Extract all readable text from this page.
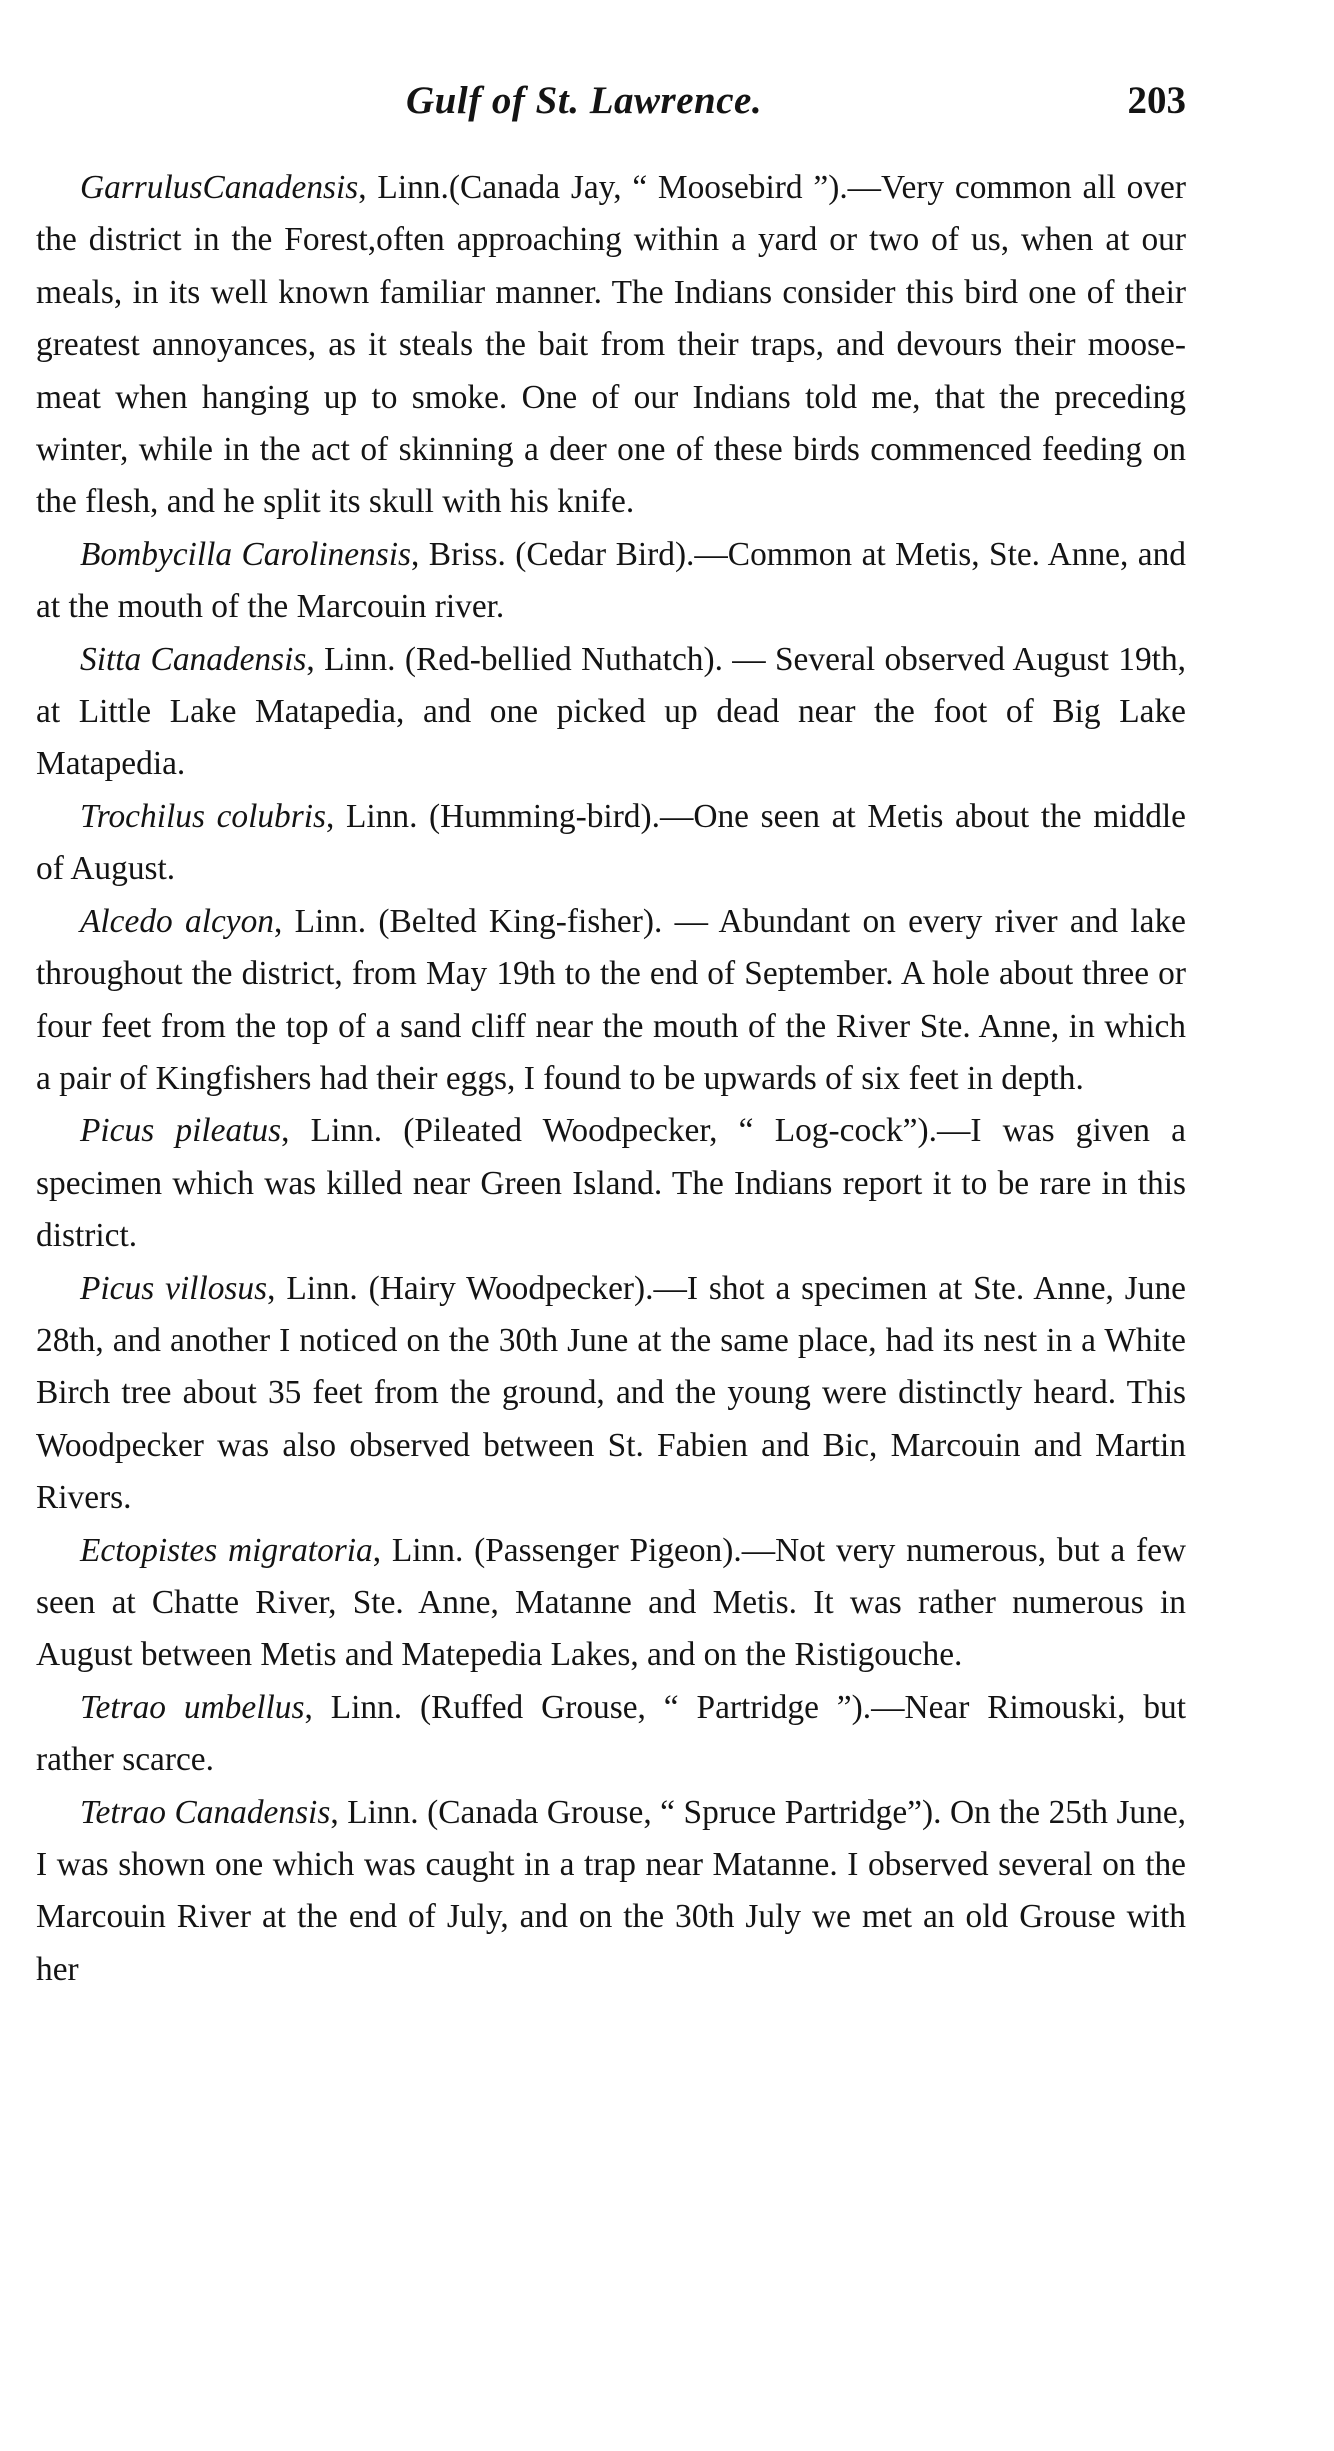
Gulf of St. Lawrence.	203

GarrulusCanadensis, Linn.(Canada Jay, “ Moosebird ”).—Very common all over the district in the Forest,often approaching within a yard or two of us, when at our meals, in its well known familiar manner. The Indians consider this bird one of their greatest annoyances, as it steals the bait from their traps, and devours their moose-meat when hanging up to smoke. One of our Indians told me, that the preceding winter, while in the act of skinning a deer one of these birds commenced feeding on the flesh, and he split its skull with his knife.

Bombycilla Carolinensis, Briss. (Cedar Bird).—Common at Metis, Ste. Anne, and at the mouth of the Marcouin river.

Sitta Canadensis, Linn. (Red-bellied Nuthatch). — Several observed August 19th, at Little Lake Matapedia, and one picked up dead near the foot of Big Lake Matapedia.

Trochilus colubris, Linn. (Humming-bird).—One seen at Metis about the middle of August.

Alcedo alcyon, Linn. (Belted King-fisher). — Abundant on every river and lake throughout the district, from May 19th to the end of September. A hole about three or four feet from the top of a sand cliff near the mouth of the River Ste. Anne, in which a pair of Kingfishers had their eggs, I found to be upwards of six feet in depth.

Picus pileatus, Linn. (Pileated Woodpecker, “ Log-cock”).—I was given a specimen which was killed near Green Island. The Indians report it to be rare in this district.

Picus villosus, Linn. (Hairy Woodpecker).—I shot a specimen at Ste. Anne, June 28th, and another I noticed on the 30th June at the same place, had its nest in a White Birch tree about 35 feet from the ground, and the young were distinctly heard. This Woodpecker was also observed between St. Fabien and Bic, Marcouin and Martin Rivers.

Ectopistes migratoria, Linn. (Passenger Pigeon).—Not very numerous, but a few seen at Chatte River, Ste. Anne, Matanne and Metis. It was rather numerous in August between Metis and Matepedia Lakes, and on the Ristigouche.

Tetrao umbellus, Linn. (Ruffed Grouse, “ Partridge ”).—Near Rimouski, but rather scarce.

Tetrao Canadensis, Linn. (Canada Grouse, “ Spruce Partridge”). On the 25th June, I was shown one which was caught in a trap near Matanne. I observed several on the Marcouin River at the end of July, and on the 30th July we met an old Grouse with her
